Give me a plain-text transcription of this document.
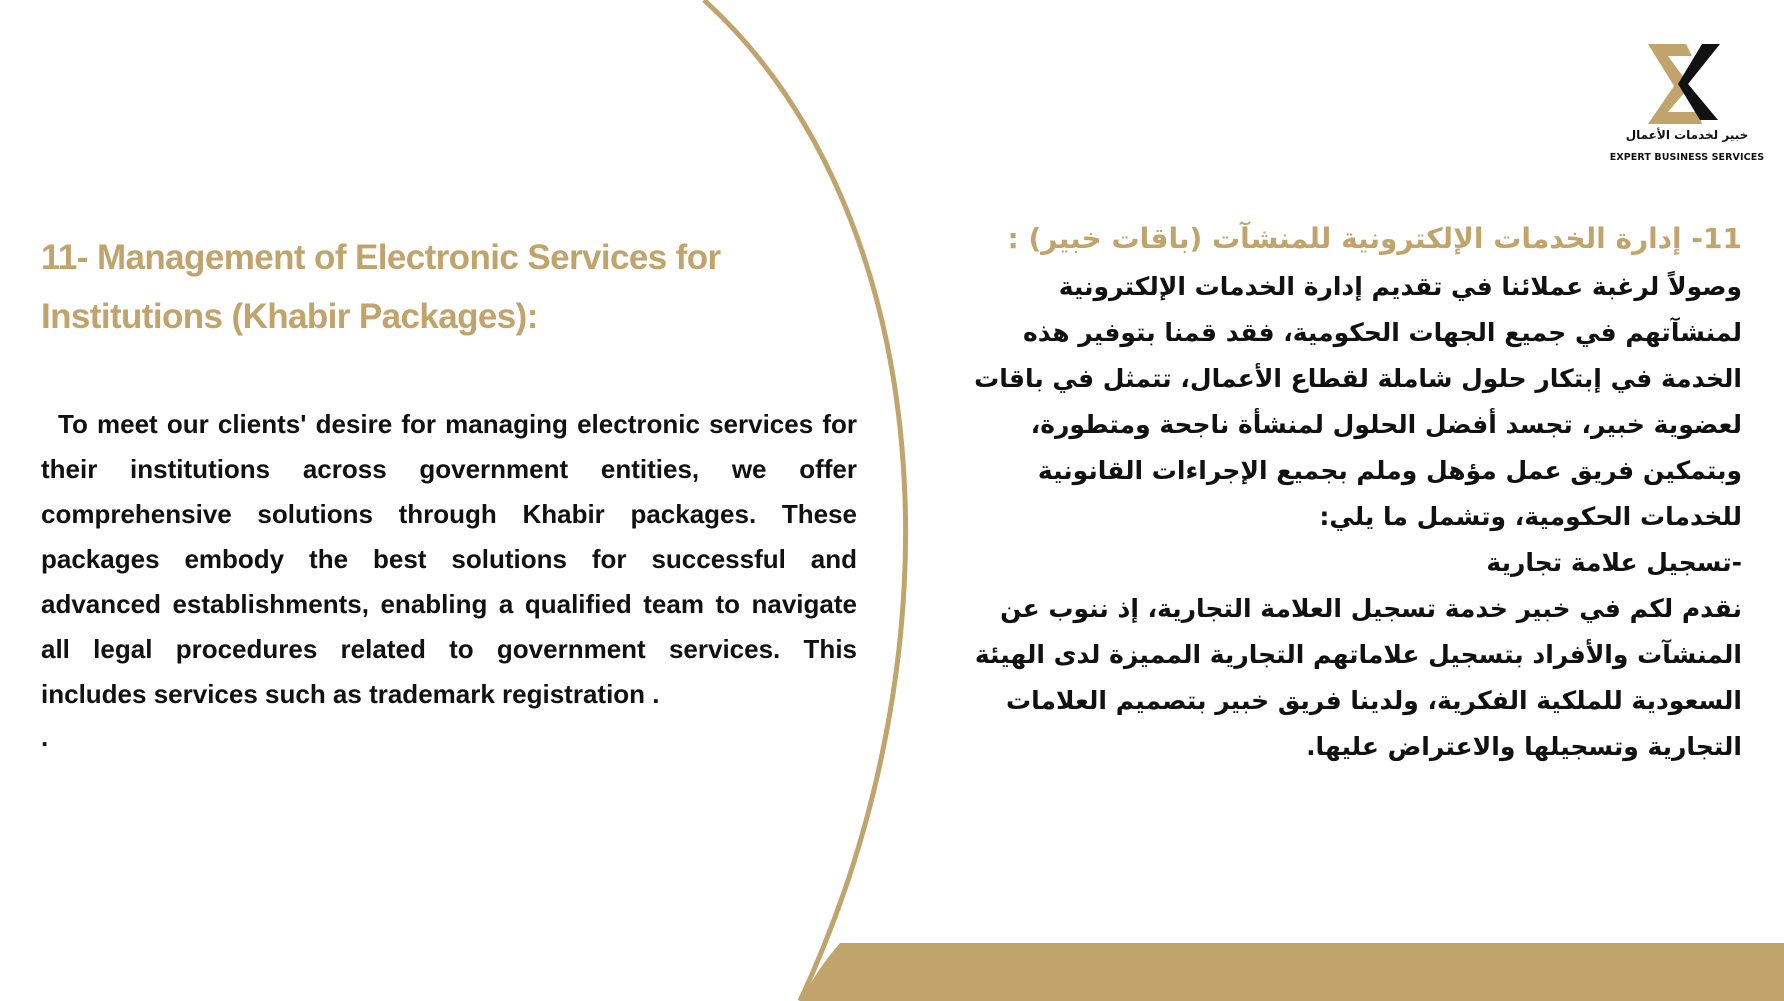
خبير لخدمات الأعمال
EXPERT BUSINESS SERVICES
11- Management of Electronic Services for
Institutions (Khabir Packages):
To meet our clients' desire for managing electronic services for their institutions across government entities, we offer comprehensive solutions through Khabir packages. These packages embody the best solutions for successful and advanced establishments, enabling a qualified team to navigate all legal procedures related to government services. This includes services such as trademark registration .
.
11- إدارة الخدمات الإلكترونية للمنشآت (باقات خبير) :
وصولاً لرغبة عملائنا في تقديم إدارة الخدمات الإلكترونية
لمنشآتهم في جميع الجهات الحكومية، فقد قمنا بتوفير هذه
الخدمة في إبتكار حلول شاملة لقطاع الأعمال، تتمثل في باقات
لعضوية خبير، تجسد أفضل الحلول لمنشأة ناجحة ومتطورة،
وبتمكين فريق عمل مؤهل وملم بجميع الإجراءات القانونية
للخدمات الحكومية، وتشمل ما يلي:
-تسجيل علامة تجارية
نقدم لكم في خبير خدمة تسجيل العلامة التجارية، إذ ننوب عن
المنشآت والأفراد بتسجيل علاماتهم التجارية المميزة لدى الهيئة
السعودية للملكية الفكرية، ولدينا فريق خبير بتصميم العلامات
التجارية وتسجيلها والاعتراض عليها.
